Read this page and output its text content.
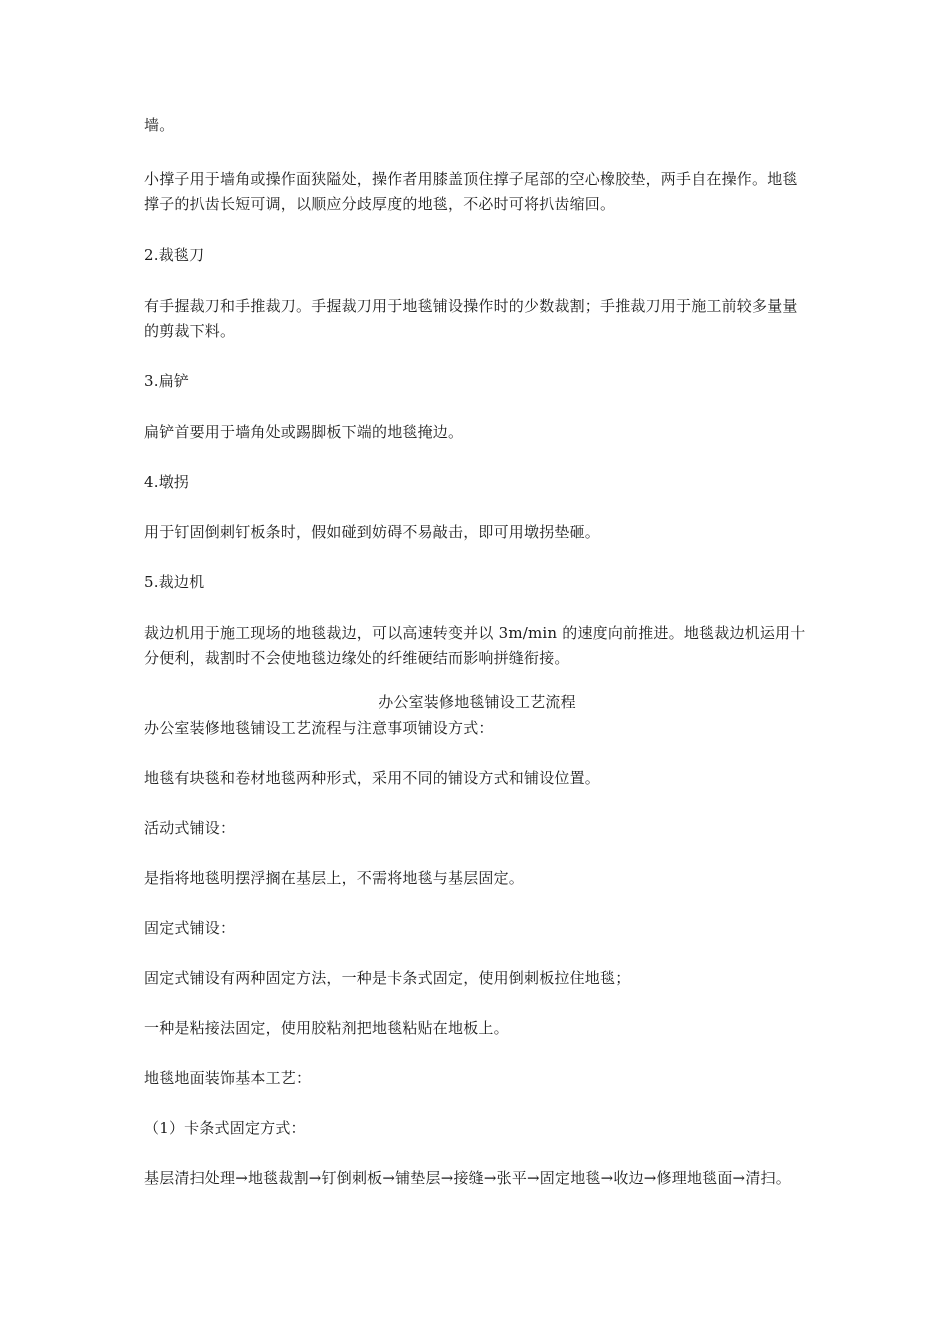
墙。

小撑子用于墙角或操作面狭隘处，操作者用膝盖顶住撑子尾部的空心橡胶垫，两手自在操作。地毯撑子的扒齿长短可调，以顺应分歧厚度的地毯，不必时可将扒齿缩回。

2.裁毯刀

有手握裁刀和手推裁刀。手握裁刀用于地毯铺设操作时的少数裁割；手推裁刀用于施工前较多量量的剪裁下料。

3.扁铲

扁铲首要用于墙角处或踢脚板下端的地毯掩边。

4.墩拐

用于钉固倒刺钉板条时，假如碰到妨碍不易敲击，即可用墩拐垫砸。

5.裁边机

裁边机用于施工现场的地毯裁边，可以高速转变并以 3m/min 的速度向前推进。地毯裁边机运用十分便利，裁割时不会使地毯边缘处的纤维硬结而影响拼缝衔接。

办公室装修地毯铺设工艺流程

办公室装修地毯铺设工艺流程与注意事项铺设方式：

地毯有块毯和卷材地毯两种形式，采用不同的铺设方式和铺设位置。

活动式铺设：

是指将地毯明摆浮搁在基层上，不需将地毯与基层固定。

固定式铺设：

固定式铺设有两种固定方法，一种是卡条式固定，使用倒刺板拉住地毯；

一种是粘接法固定，使用胶粘剂把地毯粘贴在地板上。

地毯地面装饰基本工艺：

（1）卡条式固定方式：

基层清扫处理→地毯裁割→钉倒刺板→铺垫层→接缝→张平→固定地毯→收边→修理地毯面→清扫。
